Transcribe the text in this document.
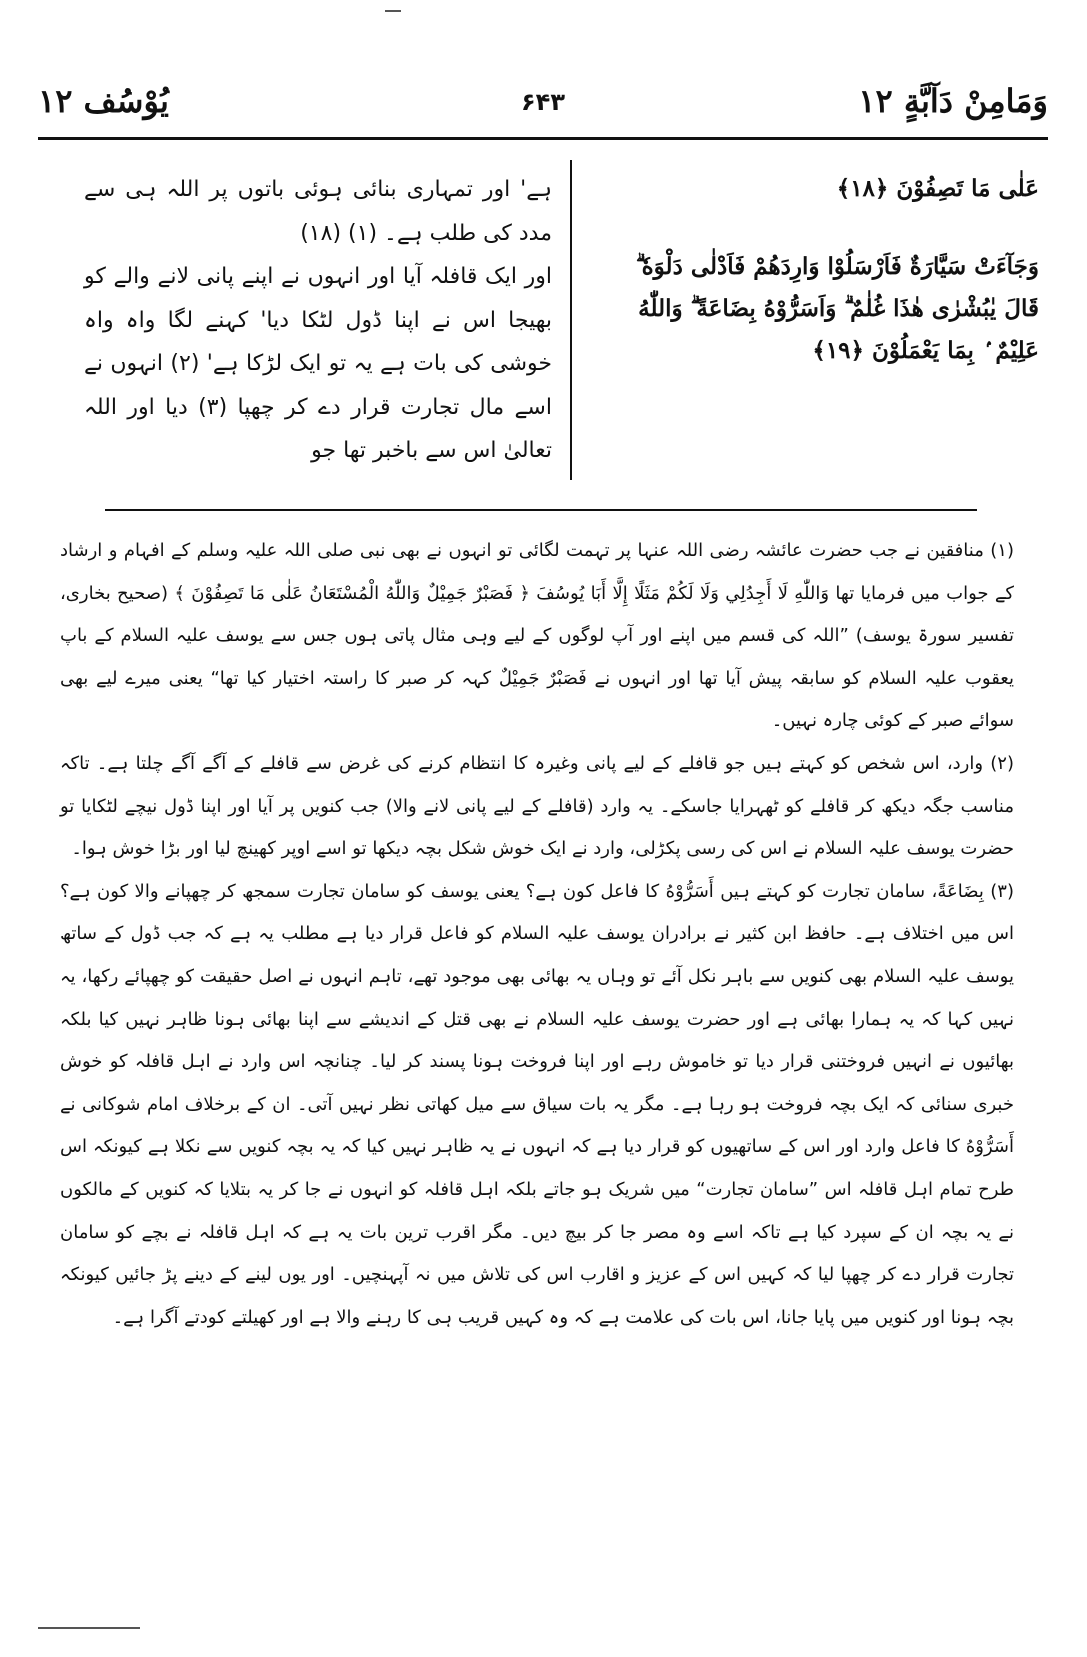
وَمَامِنْ دَآبَّةٍ ۱۲
۶۴۳
یُوْسُف ۱۲
عَلٰى مَا تَصِفُوْنَ ﴿۱۸﴾
وَجَآءَتْ سَيَّارَةٌ فَاَرْسَلُوْا وَارِدَهُمْ فَاَدْلٰى دَلْوَهٗ ۗ قَالَ يٰبُشْرٰى هٰذَا غُلٰمٌ ۗ وَاَسَرُّوْهُ بِضَاعَةً ۗ وَاللّٰهُ عَلِيْمٌ ۢ بِمَا يَعْمَلُوْنَ ﴿۱۹﴾
ہے' اور تمہاری بنائی ہوئی باتوں پر اللہ ہی سے مدد کی طلب ہے۔ (۱) (۱۸)
اور ایک قافلہ آیا اور انہوں نے اپنے پانی لانے والے کو بھیجا اس نے اپنا ڈول لٹکا دیا' کہنے لگا واہ واہ خوشی کی بات ہے یہ تو ایک لڑکا ہے' (۲) انہوں نے اسے مال تجارت قرار دے کر چھپا (۳) دیا اور اللہ تعالیٰ اس سے باخبر تھا جو

(۱) منافقین نے جب حضرت عائشہ رضی اللہ عنہا پر تہمت لگائی تو انہوں نے بھی نبی صلی اللہ علیہ وسلم کے افہام و ارشاد کے جواب میں فرمایا تھا وَاللّٰهِ لَا أَجِدُلِي وَلَا لَكُمْ مَثَلًا إِلَّا أَبَا يُوسُفَ ﴿ فَصَبْرٌ جَمِيْلٌ وَاللّٰهُ الْمُسْتَعَانُ عَلٰى مَا تَصِفُوْنَ ﴾ (صحیح بخاری، تفسیر سورۃ یوسف) ”اللہ کی قسم میں اپنے اور آپ لوگوں کے لیے وہی مثال پاتی ہوں جس سے یوسف علیہ السلام کے باپ یعقوب علیہ السلام کو سابقہ پیش آیا تھا اور انہوں نے فَصَبْرٌ جَمِيْلٌ کہہ کر صبر کا راستہ اختیار کیا تھا“ یعنی میرے لیے بھی سوائے صبر کے کوئی چارہ نہیں۔

(۲) وارد، اس شخص کو کہتے ہیں جو قافلے کے لیے پانی وغیرہ کا انتظام کرنے کی غرض سے قافلے کے آگے آگے چلتا ہے۔ تاکہ مناسب جگہ دیکھ کر قافلے کو ٹھہرایا جاسکے۔ یہ وارد (قافلے کے لیے پانی لانے والا) جب کنویں پر آیا اور اپنا ڈول نیچے لٹکایا تو حضرت یوسف علیہ السلام نے اس کی رسی پکڑلی، وارد نے ایک خوش شکل بچہ دیکھا تو اسے اوپر کھینچ لیا اور بڑا خوش ہوا۔

(۳) بِضَاعَةً، سامان تجارت کو کہتے ہیں أَسَرُّوْهُ کا فاعل کون ہے؟ یعنی یوسف کو سامان تجارت سمجھ کر چھپانے والا کون ہے؟ اس میں اختلاف ہے۔ حافظ ابن کثیر نے برادران یوسف علیہ السلام کو فاعل قرار دیا ہے مطلب یہ ہے کہ جب ڈول کے ساتھ یوسف علیہ السلام بھی کنویں سے باہر نکل آئے تو وہاں یہ بھائی بھی موجود تھے، تاہم انہوں نے اصل حقیقت کو چھپائے رکھا، یہ نہیں کہا کہ یہ ہمارا بھائی ہے اور حضرت یوسف علیہ السلام نے بھی قتل کے اندیشے سے اپنا بھائی ہونا ظاہر نہیں کیا بلکہ بھائیوں نے انہیں فروختنی قرار دیا تو خاموش رہے اور اپنا فروخت ہونا پسند کر لیا۔ چنانچہ اس وارد نے اہل قافلہ کو خوش خبری سنائی کہ ایک بچہ فروخت ہو رہا ہے۔ مگر یہ بات سیاق سے میل کھاتی نظر نہیں آتی۔ ان کے برخلاف امام شوکانی نے أَسَرُّوْهُ کا فاعل وارد اور اس کے ساتھیوں کو قرار دیا ہے کہ انہوں نے یہ ظاہر نہیں کیا کہ یہ بچہ کنویں سے نکلا ہے کیونکہ اس طرح تمام اہل قافلہ اس ”سامان تجارت“ میں شریک ہو جاتے بلکہ اہل قافلہ کو انہوں نے جا کر یہ بتلایا کہ کنویں کے مالکوں نے یہ بچہ ان کے سپرد کیا ہے تاکہ اسے وہ مصر جا کر بیچ دیں۔ مگر اقرب ترین بات یہ ہے کہ اہل قافلہ نے بچے کو سامان تجارت قرار دے کر چھپا لیا کہ کہیں اس کے عزیز و اقارب اس کی تلاش میں نہ آپہنچیں۔ اور یوں لینے کے دینے پڑ جائیں کیونکہ بچہ ہونا اور کنویں میں پایا جانا، اس بات کی علامت ہے کہ وہ کہیں قریب ہی کا رہنے والا ہے اور کھیلتے کودتے آگرا ہے۔
